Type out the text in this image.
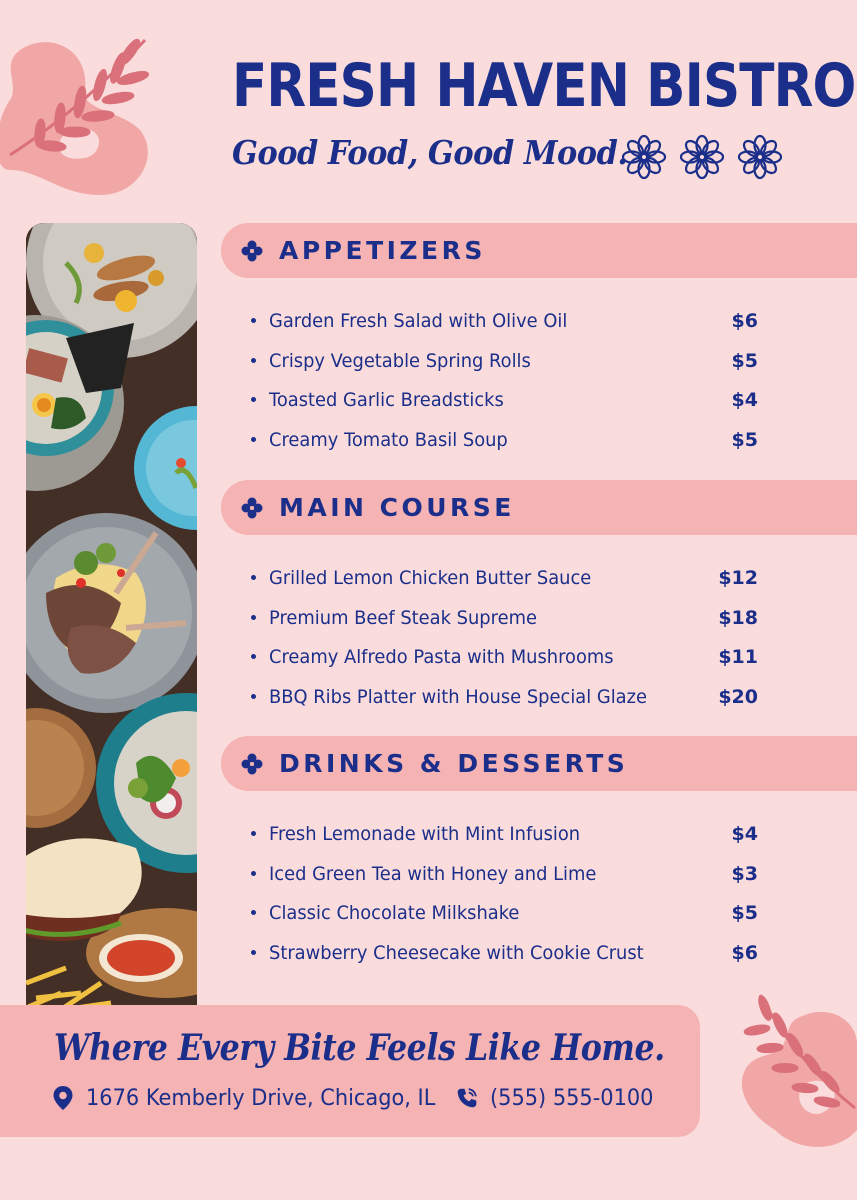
FRESH HAVEN BISTRO
Good Food, Good Mood.
APPETIZERS
Garden Fresh Salad with Olive Oil	$6
Crispy Vegetable Spring Rolls	$5
Toasted Garlic Breadsticks	$4
Creamy Tomato Basil Soup	$5
MAIN COURSE
Grilled Lemon Chicken Butter Sauce	$12
Premium Beef Steak Supreme	$18
Creamy Alfredo Pasta with Mushrooms	$11
BBQ Ribs Platter with House Special Glaze	$20
DRINKS & DESSERTS
Fresh Lemonade with Mint Infusion	$4
Iced Green Tea with Honey and Lime	$3
Classic Chocolate Milkshake	$5
Strawberry Cheesecake with Cookie Crust	$6
Where Every Bite Feels Like Home.
1676 Kemberly Drive, Chicago, IL (555) 555-0100
